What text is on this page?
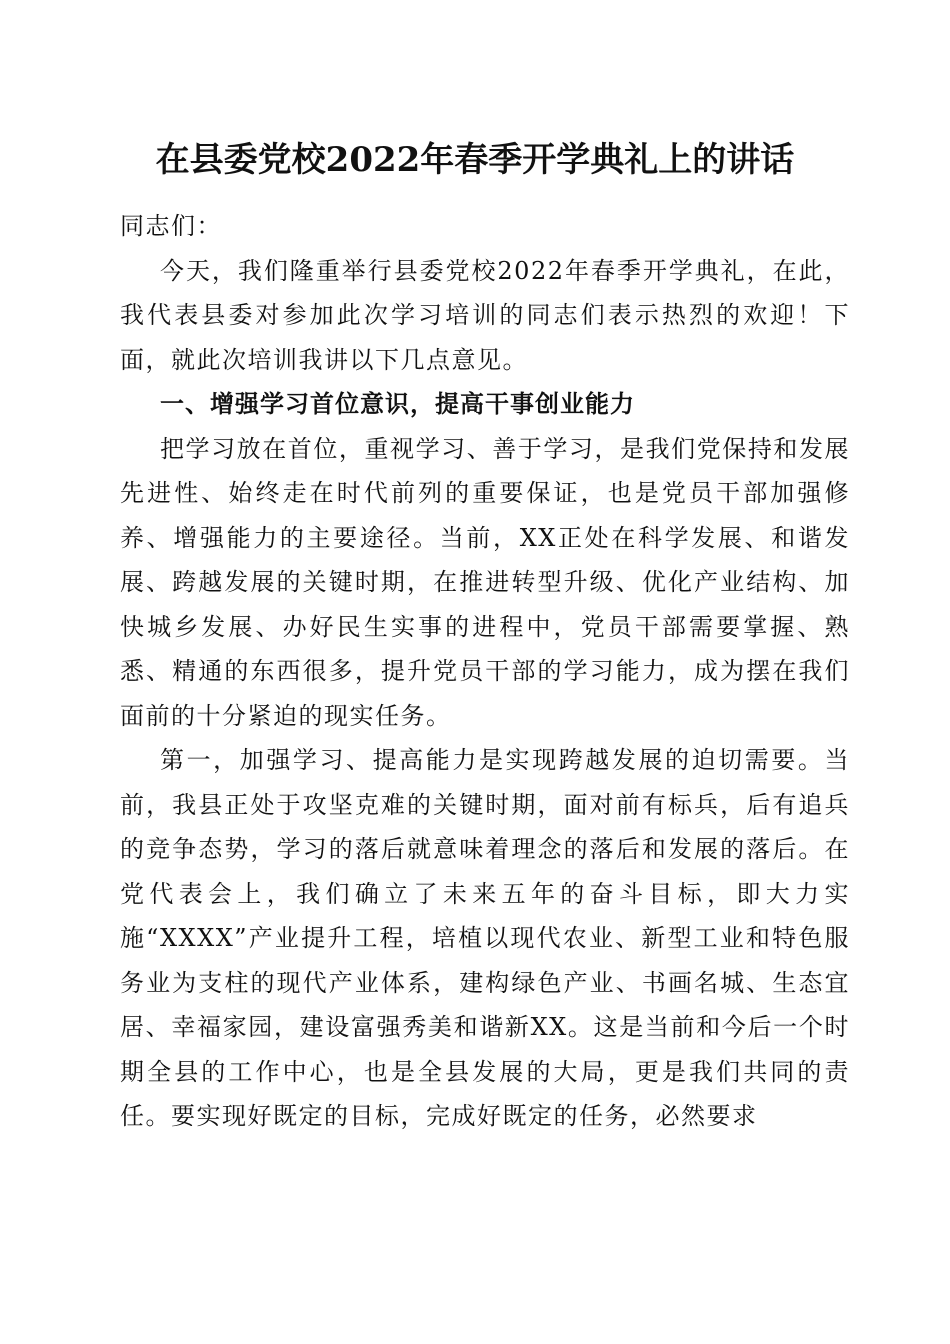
在县委党校2022年春季开学典礼上的讲话

同志们：

今天，我们隆重举行县委党校2022年春季开学典礼，在此，我代表县委对参加此次学习培训的同志们表示热烈的欢迎！下面，就此次培训我讲以下几点意见。

一、增强学习首位意识，提高干事创业能力

把学习放在首位，重视学习、善于学习，是我们党保持和发展先进性、始终走在时代前列的重要保证，也是党员干部加强修养、增强能力的主要途径。当前，XX正处在科学发展、和谐发展、跨越发展的关键时期，在推进转型升级、优化产业结构、加快城乡发展、办好民生实事的进程中，党员干部需要掌握、熟悉、精通的东西很多，提升党员干部的学习能力，成为摆在我们面前的十分紧迫的现实任务。

第一，加强学习、提高能力是实现跨越发展的迫切需要。当前，我县正处于攻坚克难的关键时期，面对前有标兵，后有追兵的竞争态势，学习的落后就意味着理念的落后和发展的落后。在党代表会上，我们确立了未来五年的奋斗目标，即大力实施“XXXX”产业提升工程，培植以现代农业、新型工业和特色服务业为支柱的现代产业体系，建构绿色产业、书画名城、生态宜居、幸福家园，建设富强秀美和谐新XX。这是当前和今后一个时期全县的工作中心，也是全县发展的大局，更是我们共同的责任。要实现好既定的目标，完成好既定的任务，必然要求
